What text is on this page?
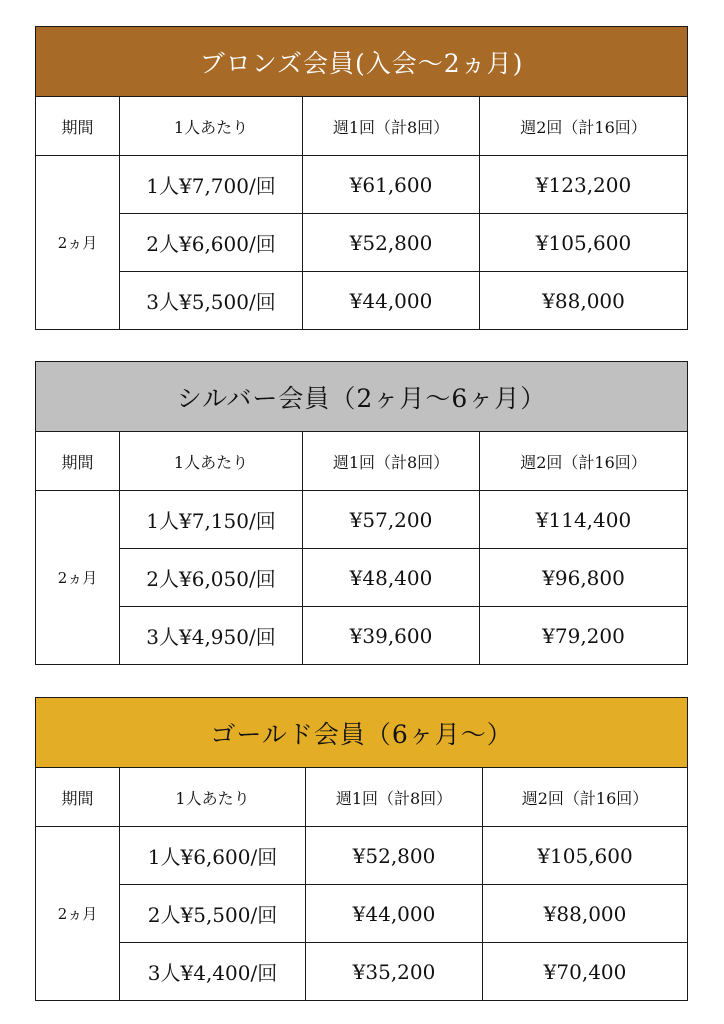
ブロンズ会員(入会〜2ヵ月)			
期間	1人あたり	週1回（計8回）	週2回（計16回）
2ヵ月	1人¥7,700/回	¥61,600	¥123,200
	2人¥6,600/回	¥52,800	¥105,600
	3人¥5,500/回	¥44,000	¥88,000
シルバー会員（2ヶ月〜6ヶ月）			
期間	1人あたり	週1回（計8回）	週2回（計16回）
2ヵ月	1人¥7,150/回	¥57,200	¥114,400
	2人¥6,050/回	¥48,400	¥96,800
	3人¥4,950/回	¥39,600	¥79,200
ゴールド会員（6ヶ月〜）			
期間	1人あたり	週1回（計8回）	週2回（計16回）
2ヵ月	1人¥6,600/回	¥52,800	¥105,600
	2人¥5,500/回	¥44,000	¥88,000
	3人¥4,400/回	¥35,200	¥70,400
